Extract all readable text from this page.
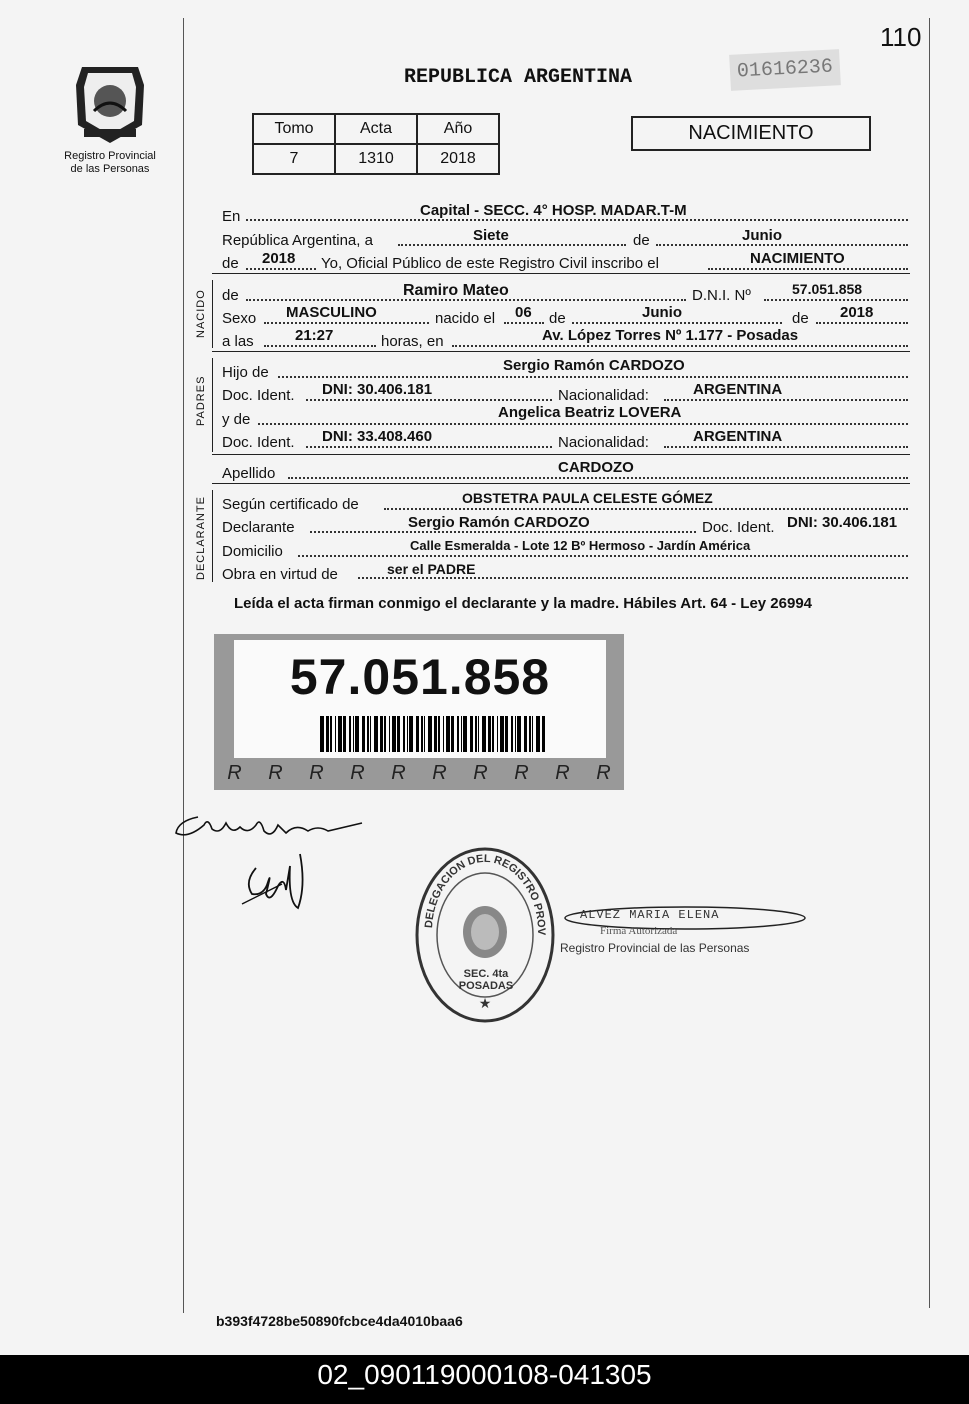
110
Registro Provincial
de las Personas
REPUBLICA ARGENTINA	01616236
Tomo	Acta	Año
7	1310	2018
NACIMIENTO
En	Capital - SECC. 4° HOSP. MADAR.T-M
República Argentina, a	Siete	de	Junio
de 2018 Yo, Oficial Público de este Registro Civil inscribo el	NACIMIENTO
NACIDO de	Ramiro Mateo	D.N.I. Nº	57.051.858
Sexo MASCULINO	nacido el 06 de	Junio	de 2018
a las	21:27	horas, en	Av. López Torres Nº 1.177 - Posadas
PADRES
Hijo de	Sergio Ramón CARDOZO
Doc. Ident. DNI: 30.406.181	Nacionalidad:	ARGENTINA
y de	Angelica Beatriz LOVERA
Doc. Ident. DNI: 33.408.460	Nacionalidad:	ARGENTINA
Apellido	CARDOZO
DECLARANTE Según certificado de	OBSTETRA PAULA CELESTE GÓMEZ
Declarante	Sergio Ramón CARDOZO	Doc. Ident. DNI: 30.406.181
Domicilio	Calle Esmeralda - Lote 12 Bº Hermoso - Jardín América
Obra en virtud de	ser el PADRE
Leída el acta firman conmigo el declarante y la madre. Hábiles Art. 64 - Ley 26994
R	R	R	R	R	R	R	R	R	R
57.051.858
DELEGACION DEL REGISTRO PROV
★
SEC. 4ta POSADAS
ALVEZ MARIA ELENA
Firma Autorizada
Registro Provincial de las Personas
b393f4728be50890fcbce4da4010baa6
02_090119000108-041305
